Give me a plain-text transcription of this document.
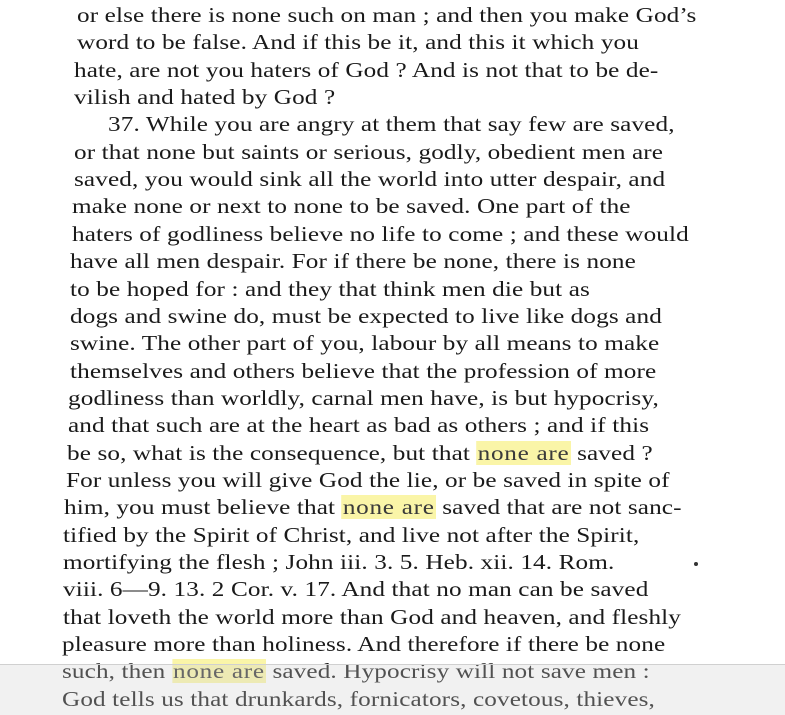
or else there is none such on man ; and then you make God’s
word to be false. And if this be it, and this it which you
hate, are not you haters of God ? And is not that to be de-
vilish and hated by God ?
37. While you are angry at them that say few are saved,
or that none but saints or serious, godly, obedient men are
saved, you would sink all the world into utter despair, and
make none or next to none to be saved. One part of the
haters of godliness believe no life to come ; and these would
have all men despair. For if there be none, there is none
to be hoped for : and they that think men die but as
dogs and swine do, must be expected to live like dogs and
swine. The other part of you, labour by all means to make
themselves and others believe that the profession of more
godliness than worldly, carnal men have, is but hypocrisy,
and that such are at the heart as bad as others ; and if this
be so, what is the consequence, but that none are saved ?
For unless you will give God the lie, or be saved in spite of
him, you must believe that none are saved that are not sanc-
tified by the Spirit of Christ, and live not after the Spirit,
mortifying the flesh ; John iii. 3. 5. Heb. xii. 14. Rom.
viii. 6—9. 13. 2 Cor. v. 17. And that no man can be saved
that loveth the world more than God and heaven, and fleshly
pleasure more than holiness. And therefore if there be none
such, then none are saved. Hypocrisy will not save men :
God tells us that drunkards, fornicators, covetous, thieves,
